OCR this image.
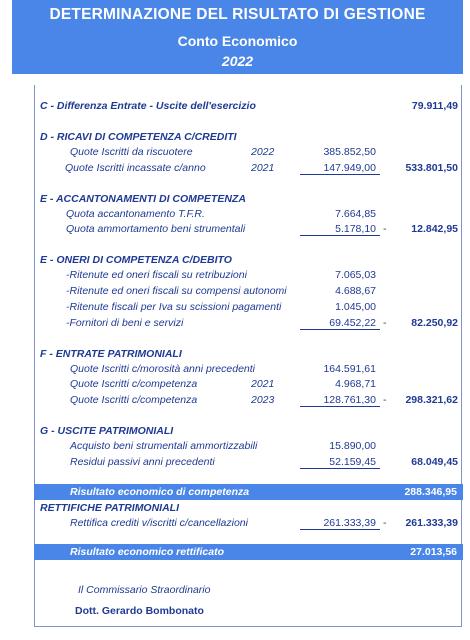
DETERMINAZIONE DEL RISULTATO DI GESTIONE
Conto Economico
2022
C - Differenza Entrate - Uscite dell'esercizio	79.911,49
D - RICAVI DI COMPETENZA C/CREDITI
Quote Iscritti da riscuotere	2022	385.852,50
Quote Iscritti incassate c/anno	2021	147.949,00	533.801,50
E - ACCANTONAMENTI DI COMPETENZA
Quota accantonamento T.F.R.	7.664,85
Quota ammortamento beni strumentali	5.178,10 -	12.842,95
E - ONERI DI COMPETENZA C/DEBITO
-Ritenute ed oneri fiscali su retribuzioni	7.065,03
-Ritenute ed oneri fiscali su compensi autonomi	4.688,67
-Ritenute fiscali per Iva su scissioni pagamenti	1.045,00
-Fornitori di beni e servizi	69.452,22 -	82.250,92
F - ENTRATE PATRIMONIALI
Quote Iscritti c/morosità anni precedenti	164.591,61
Quote Iscritti c/competenza	2021	4.968,71
Quote Iscritti c/competenza	2023	128.761,30 -	298.321,62
G - USCITE PATRIMONIALI
Acquisto beni strumentali ammortizzabili	15.890,00
Residui passivi anni precedenti	52.159,45	68.049,45
Risultato economico di competenza	288.346,95
RETTIFICHE PATRIMONIALI
Rettifica crediti v/iscritti c/cancellazioni	261.333,39 -	261.333,39
Risultato economico rettificato	27.013,56
Il Commissario Straordinario
Dott. Gerardo Bombonato
